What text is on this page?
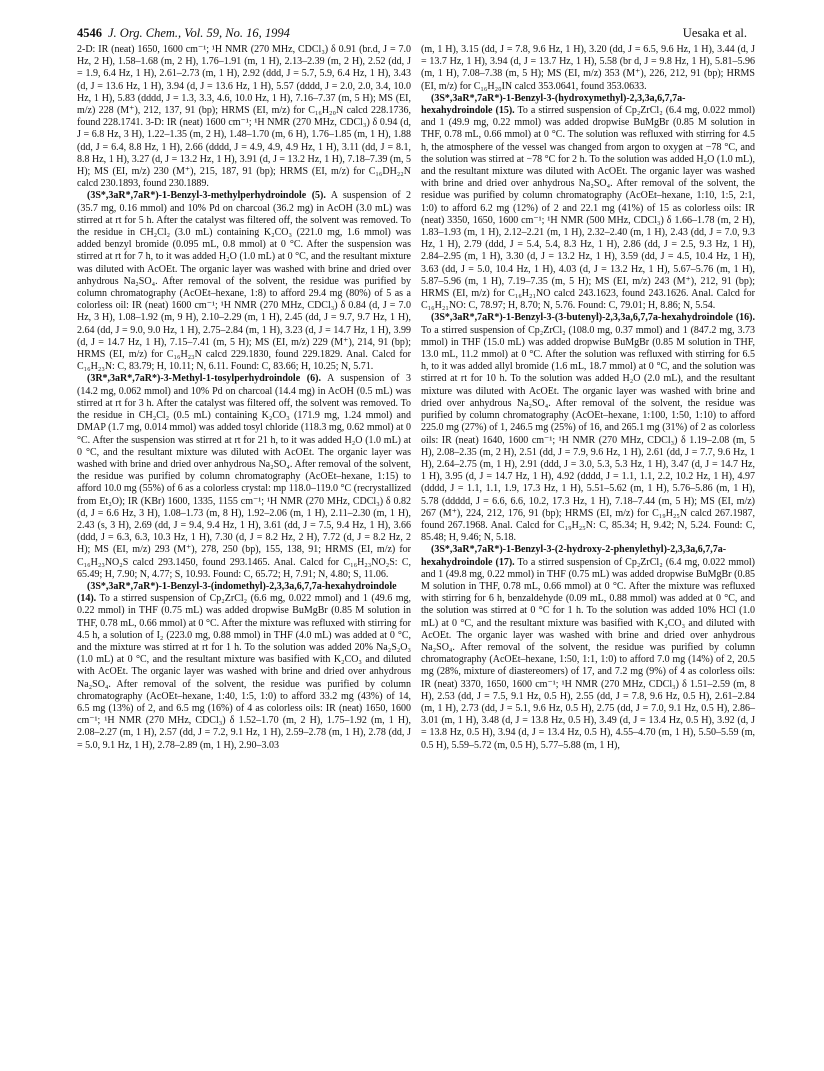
4546 J. Org. Chem., Vol. 59, No. 16, 1994	Uesaka et al.

2-D: IR (neat) 1650, 1600 cm⁻¹; ¹H NMR (270 MHz, CDCl₃) δ 0.91 (br.d, J = 7.0 Hz, 2 H), 1.58–1.68 (m, 2 H), 1.76–1.91 (m, 1 H), 2.13–2.39 (m, 2 H), 2.52 (dd, J = 1.9, 6.4 Hz, 1 H), 2.61–2.73 (m, 1 H), 2.92 (ddd, J = 5.7, 5.9, 6.4 Hz, 1 H), 3.43 (d, J = 13.6 Hz, 1 H), 3.94 (d, J = 13.6 Hz, 1 H), 5.57 (dddd, J = 2.0, 2.0, 3.4, 10.0 Hz, 1 H), 5.83 (dddd, J = 1.3, 3.3, 4.6, 10.0 Hz, 1 H), 7.16–7.37 (m, 5 H); MS (EI, m/z) 228 (M⁺), 212, 137, 91 (bp); HRMS (EI, m/z) for C₁₆H₂₀N calcd 228.1736, found 228.1741. 3-D: IR (neat) 1600 cm⁻¹; ¹H NMR (270 MHz, CDCl₃) δ 0.94 (d, J = 6.8 Hz, 3 H), 1.22–1.35 (m, 2 H), 1.48–1.70 (m, 6 H), 1.76–1.85 (m, 1 H), 1.88 (dd, J = 6.4, 8.8 Hz, 1 H), 2.66 (dddd, J = 4.9, 4.9, 4.9 Hz, 1 H), 3.11 (dd, J = 8.1, 8.8 Hz, 1 H), 3.27 (d, J = 13.2 Hz, 1 H), 3.91 (d, J = 13.2 Hz, 1 H), 7.18–7.39 (m, 5 H); MS (EI, m/z) 230 (M⁺), 215, 187, 91 (bp); HRMS (EI, m/z) for C₁₆DH₂₂N calcd 230.1893, found 230.1889.

(3S*,3aR*,7aR*)-1-Benzyl-3-methylperhydroindole (5). A suspension of 2 (35.7 mg, 0.16 mmol) and 10% Pd on charcoal (36.2 mg) in AcOH (3.0 mL) was stirred at rt for 5 h. After the catalyst was filtered off, the solvent was removed. To the residue in CH₂Cl₂ (3.0 mL) containing K₂CO₃ (221.0 mg, 1.6 mmol) was added benzyl bromide (0.095 mL, 0.8 mmol) at 0 °C. After the suspension was stirred at rt for 7 h, to it was added H₂O (1.0 mL) at 0 °C, and the resultant mixture was diluted with AcOEt. The organic layer was washed with brine and dried over anhydrous Na₂SO₄. After removal of the solvent, the residue was purified by column chromatography (AcOEt–hexane, 1:8) to afford 29.4 mg (80%) of 5 as a colorless oil: IR (neat) 1600 cm⁻¹; ¹H NMR (270 MHz, CDCl₃) δ 0.84 (d, J = 7.0 Hz, 3 H), 1.08–1.92 (m, 9 H), 2.10–2.29 (m, 1 H), 2.45 (dd, J = 9.7, 9.7 Hz, 1 H), 2.64 (dd, J = 9.0, 9.0 Hz, 1 H), 2.75–2.84 (m, 1 H), 3.23 (d, J = 14.7 Hz, 1 H), 3.99 (d, J = 14.7 Hz, 1 H), 7.15–7.41 (m, 5 H); MS (EI, m/z) 229 (M⁺), 214, 91 (bp); HRMS (EI, m/z) for C₁₆H₂₃N calcd 229.1830, found 229.1829. Anal. Calcd for C₁₆H₂₃N: C, 83.79; H, 10.11; N, 6.11. Found: C, 83.66; H, 10.25; N, 5.71.

(3R*,3aR*,7aR*)-3-Methyl-1-tosylperhydroindole (6). A suspension of 3 (14.2 mg, 0.062 mmol) and 10% Pd on charcoal (14.4 mg) in AcOH (0.5 mL) was stirred at rt for 3 h. After the catalyst was filtered off, the solvent was removed. To the residue in CH₂Cl₂ (0.5 mL) containing K₂CO₃ (171.9 mg, 1.24 mmol) and DMAP (1.7 mg, 0.014 mmol) was added tosyl chloride (118.3 mg, 0.62 mmol) at 0 °C. After the suspension was stirred at rt for 21 h, to it was added H₂O (1.0 mL) at 0 °C, and the resultant mixture was diluted with AcOEt. The organic layer was washed with brine and dried over anhydrous Na₂SO₄. After removal of the solvent, the residue was purified by column chromatography (AcOEt–hexane, 1:15) to afford 10.0 mg (55%) of 6 as a colorless crystal: mp 118.0–119.0 °C (recrystallized from Et₂O); IR (KBr) 1600, 1335, 1155 cm⁻¹; ¹H NMR (270 MHz, CDCl₃) δ 0.82 (d, J = 6.6 Hz, 3 H), 1.08–1.73 (m, 8 H), 1.92–2.06 (m, 1 H), 2.11–2.30 (m, 1 H), 2.43 (s, 3 H), 2.69 (dd, J = 9.4, 9.4 Hz, 1 H), 3.61 (dd, J = 7.5, 9.4 Hz, 1 H), 3.66 (ddd, J = 6.3, 6.3, 10.3 Hz, 1 H), 7.30 (d, J = 8.2 Hz, 2 H), 7.72 (d, J = 8.2 Hz, 2 H); MS (EI, m/z) 293 (M⁺), 278, 250 (bp), 155, 138, 91; HRMS (EI, m/z) for C₁₆H₂₃NO₂S calcd 293.1450, found 293.1465. Anal. Calcd for C₁₆H₂₃NO₂S: C, 65.49; H, 7.90; N, 4.77; S, 10.93. Found: C, 65.72; H, 7.91; N, 4.80; S, 11.06.

(3S*,3aR*,7aR*)-1-Benzyl-3-(indomethyl)-2,3,3a,6,7,7a-hexahydroindole (14). To a stirred suspension of Cp₂ZrCl₂ (6.6 mg, 0.022 mmol) and 1 (49.6 mg, 0.22 mmol) in THF (0.75 mL) was added dropwise BuMgBr (0.85 M solution in THF, 0.78 mL, 0.66 mmol) at 0 °C. After the mixture was refluxed with stirring for 4.5 h, a solution of I₂ (223.0 mg, 0.88 mmol) in THF (4.0 mL) was added at 0 °C, and the mixture was stirred at rt for 1 h. To the solution was added 20% Na₂S₂O₃ (1.0 mL) at 0 °C, and the resultant mixture was basified with K₂CO₃ and diluted with AcOEt. The organic layer was washed with brine and dried over anhydrous Na₂SO₄. After removal of the solvent, the residue was purified by column chromatography (AcOEt–hexane, 1:40, 1:5, 1:0) to afford 33.2 mg (43%) of 14, 6.5 mg (13%) of 2, and 6.5 mg (16%) of 4 as colorless oils: IR (neat) 1650, 1600 cm⁻¹; ¹H NMR (270 MHz, CDCl₃) δ 1.52–1.70 (m, 2 H), 1.75–1.92 (m, 1 H), 2.08–2.27 (m, 1 H), 2.57 (dd, J = 7.2, 9.1 Hz, 1 H), 2.59–2.78 (m, 1 H), 2.78 (dd, J = 5.0, 9.1 Hz, 1 H), 2.78–2.89 (m, 1 H), 2.90–3.03

(m, 1 H), 3.15 (dd, J = 7.8, 9.6 Hz, 1 H), 3.20 (dd, J = 6.5, 9.6 Hz, 1 H), 3.44 (d, J = 13.7 Hz, 1 H), 3.94 (d, J = 13.7 Hz, 1 H), 5.58 (br d, J = 9.8 Hz, 1 H), 5.81–5.96 (m, 1 H), 7.08–7.38 (m, 5 H); MS (EI, m/z) 353 (M⁺), 226, 212, 91 (bp); HRMS (EI, m/z) for C₁₆H₂₀IN calcd 353.0641, found 353.0633.

(3S*,3aR*,7aR*)-1-Benzyl-3-(hydroxymethyl)-2,3,3a,6,7,7a-hexahydroindole (15). To a stirred suspension of Cp₂ZrCl₂ (6.4 mg, 0.022 mmol) and 1 (49.9 mg, 0.22 mmol) was added dropwise BuMgBr (0.85 M solution in THF, 0.78 mL, 0.66 mmol) at 0 °C. The solution was refluxed with stirring for 4.5 h, the atmosphere of the vessel was changed from argon to oxygen at −78 °C, and the solution was stirred at −78 °C for 2 h. To the solution was added H₂O (1.0 mL), and the resultant mixture was diluted with AcOEt. The organic layer was washed with brine and dried over anhydrous Na₂SO₄. After removal of the solvent, the residue was purified by column chromatography (AcOEt–hexane, 1:10, 1:5, 2:1, 1:0) to afford 6.2 mg (12%) of 2 and 22.1 mg (41%) of 15 as colorless oils: IR (neat) 3350, 1650, 1600 cm⁻¹; ¹H NMR (500 MHz, CDCl₃) δ 1.66–1.78 (m, 2 H), 1.83–1.93 (m, 1 H), 2.12–2.21 (m, 1 H), 2.32–2.40 (m, 1 H), 2.43 (dd, J = 7.0, 9.3 Hz, 1 H), 2.79 (ddd, J = 5.4, 5.4, 8.3 Hz, 1 H), 2.86 (dd, J = 2.5, 9.3 Hz, 1 H), 2.84–2.95 (m, 1 H), 3.30 (d, J = 13.2 Hz, 1 H), 3.59 (dd, J = 4.5, 10.4 Hz, 1 H), 3.63 (dd, J = 5.0, 10.4 Hz, 1 H), 4.03 (d, J = 13.2 Hz, 1 H), 5.67–5.76 (m, 1 H), 5.87–5.96 (m, 1 H), 7.19–7.35 (m, 5 H); MS (EI, m/z) 243 (M⁺), 212, 91 (bp); HRMS (EI, m/z) for C₁₆H₂₁NO calcd 243.1623, found 243.1626. Anal. Calcd for C₁₆H₂₁NO: C, 78.97; H, 8.70; N, 5.76. Found: C, 79.01; H, 8.86; N, 5.54.

(3S*,3aR*,7aR*)-1-Benzyl-3-(3-butenyl)-2,3,3a,6,7,7a-hexahydroindole (16). To a stirred suspension of Cp₂ZrCl₂ (108.0 mg, 0.37 mmol) and 1 (847.2 mg, 3.73 mmol) in THF (15.0 mL) was added dropwise BuMgBr (0.85 M solution in THF, 13.0 mL, 11.2 mmol) at 0 °C. After the solution was refluxed with stirring for 6.5 h, to it was added allyl bromide (1.6 mL, 18.7 mmol) at 0 °C, and the solution was stirred at rt for 10 h. To the solution was added H₂O (2.0 mL), and the resultant mixture was diluted with AcOEt. The organic layer was washed with brine and dried over anhydrous Na₂SO₄. After removal of the solvent, the residue was purified by column chromatography (AcOEt–hexane, 1:100, 1:50, 1:10) to afford 225.0 mg (27%) of 1, 246.5 mg (25%) of 16, and 265.1 mg (31%) of 2 as colorless oils: IR (neat) 1640, 1600 cm⁻¹; ¹H NMR (270 MHz, CDCl₃) δ 1.19–2.08 (m, 5 H), 2.08–2.35 (m, 2 H), 2.51 (dd, J = 7.9, 9.6 Hz, 1 H), 2.61 (dd, J = 7.7, 9.6 Hz, 1 H), 2.64–2.75 (m, 1 H), 2.91 (ddd, J = 3.0, 5.3, 5.3 Hz, 1 H), 3.47 (d, J = 14.7 Hz, 1 H), 3.95 (d, J = 14.7 Hz, 1 H), 4.92 (dddd, J = 1.1, 1.1, 2.2, 10.2 Hz, 1 H), 4.97 (dddd, J = 1.1, 1.1, 1.9, 17.3 Hz, 1 H), 5.51–5.62 (m, 1 H), 5.76–5.86 (m, 1 H), 5.78 (ddddd, J = 6.6, 6.6, 10.2, 17.3 Hz, 1 H), 7.18–7.44 (m, 5 H); MS (EI, m/z) 267 (M⁺), 224, 212, 176, 91 (bp); HRMS (EI, m/z) for C₁₉H₂₅N calcd 267.1987, found 267.1968. Anal. Calcd for C₁₉H₂₅N: C, 85.34; H, 9.42; N, 5.24. Found: C, 85.48; H, 9.46; N, 5.18.

(3S*,3aR*,7aR*)-1-Benzyl-3-(2-hydroxy-2-phenylethyl)-2,3,3a,6,7,7a-hexahydroindole (17). To a stirred suspension of Cp₂ZrCl₂ (6.4 mg, 0.022 mmol) and 1 (49.8 mg, 0.22 mmol) in THF (0.75 mL) was added dropwise BuMgBr (0.85 M solution in THF, 0.78 mL, 0.66 mmol) at 0 °C. After the mixture was refluxed with stirring for 6 h, benzaldehyde (0.09 mL, 0.88 mmol) was added at 0 °C, and the solution was stirred at 0 °C for 1 h. To the solution was added 10% HCl (1.0 mL) at 0 °C, and the resultant mixture was basified with K₂CO₃ and diluted with AcOEt. The organic layer was washed with brine and dried over anhydrous Na₂SO₄. After removal of the solvent, the residue was purified by column chromatography (AcOEt–hexane, 1:50, 1:1, 1:0) to afford 7.0 mg (14%) of 2, 20.5 mg (28%, mixture of diastereomers) of 17, and 7.2 mg (9%) of 4 as colorless oils: IR (neat) 3370, 1650, 1600 cm⁻¹; ¹H NMR (270 MHz, CDCl₃) δ 1.51–2.59 (m, 8 H), 2.53 (dd, J = 7.5, 9.1 Hz, 0.5 H), 2.55 (dd, J = 7.8, 9.6 Hz, 0.5 H), 2.61–2.84 (m, 1 H), 2.73 (dd, J = 5.1, 9.6 Hz, 0.5 H), 2.75 (dd, J = 7.0, 9.1 Hz, 0.5 H), 2.86–3.01 (m, 1 H), 3.48 (d, J = 13.8 Hz, 0.5 H), 3.49 (d, J = 13.4 Hz, 0.5 H), 3.92 (d, J = 13.8 Hz, 0.5 H), 3.94 (d, J = 13.4 Hz, 0.5 H), 4.55–4.70 (m, 1 H), 5.50–5.59 (m, 0.5 H), 5.59–5.72 (m, 0.5 H), 5.77–5.88 (m, 1 H),
